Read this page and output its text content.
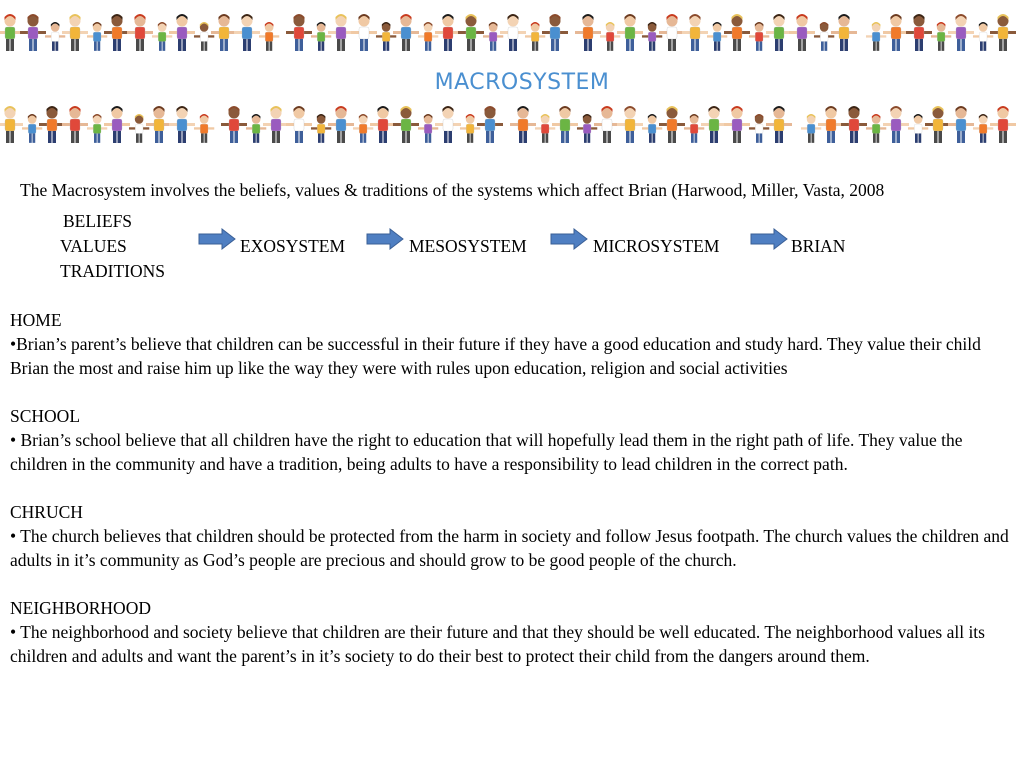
MACROSYSTEM

The Macrosystem involves the beliefs, values & traditions of the systems which affect Brian (Harwood, Miller, Vasta, 2008

BELIEFS
VALUES
TRADITIONS
EXOSYSTEM	MESOSYSTEM	MICROSYSTEM	BRIAN

HOME

•Brian’s parent’s believe that children can be successful in their future if they have a good education and study hard. They value their child Brian the most and raise him up like the way they were with rules upon education, religion and social activities

SCHOOL

• Brian’s school believe that all children have the right to education that will hopefully lead them in the right path of life. They value the children in the community and have a tradition, being adults to have a responsibility to lead children in the correct path.

CHRUCH

• The church believes that children should be protected from the harm in society and follow Jesus footpath. The church values the children and adults in it’s community as God’s people are precious and should grow to be good people of the church.

NEIGHBORHOOD

• The neighborhood and society believe that children are their future and that they should be well educated. The neighborhood values all its children and adults and want the parent’s in it’s society to do their best to protect their child from the dangers around them.
